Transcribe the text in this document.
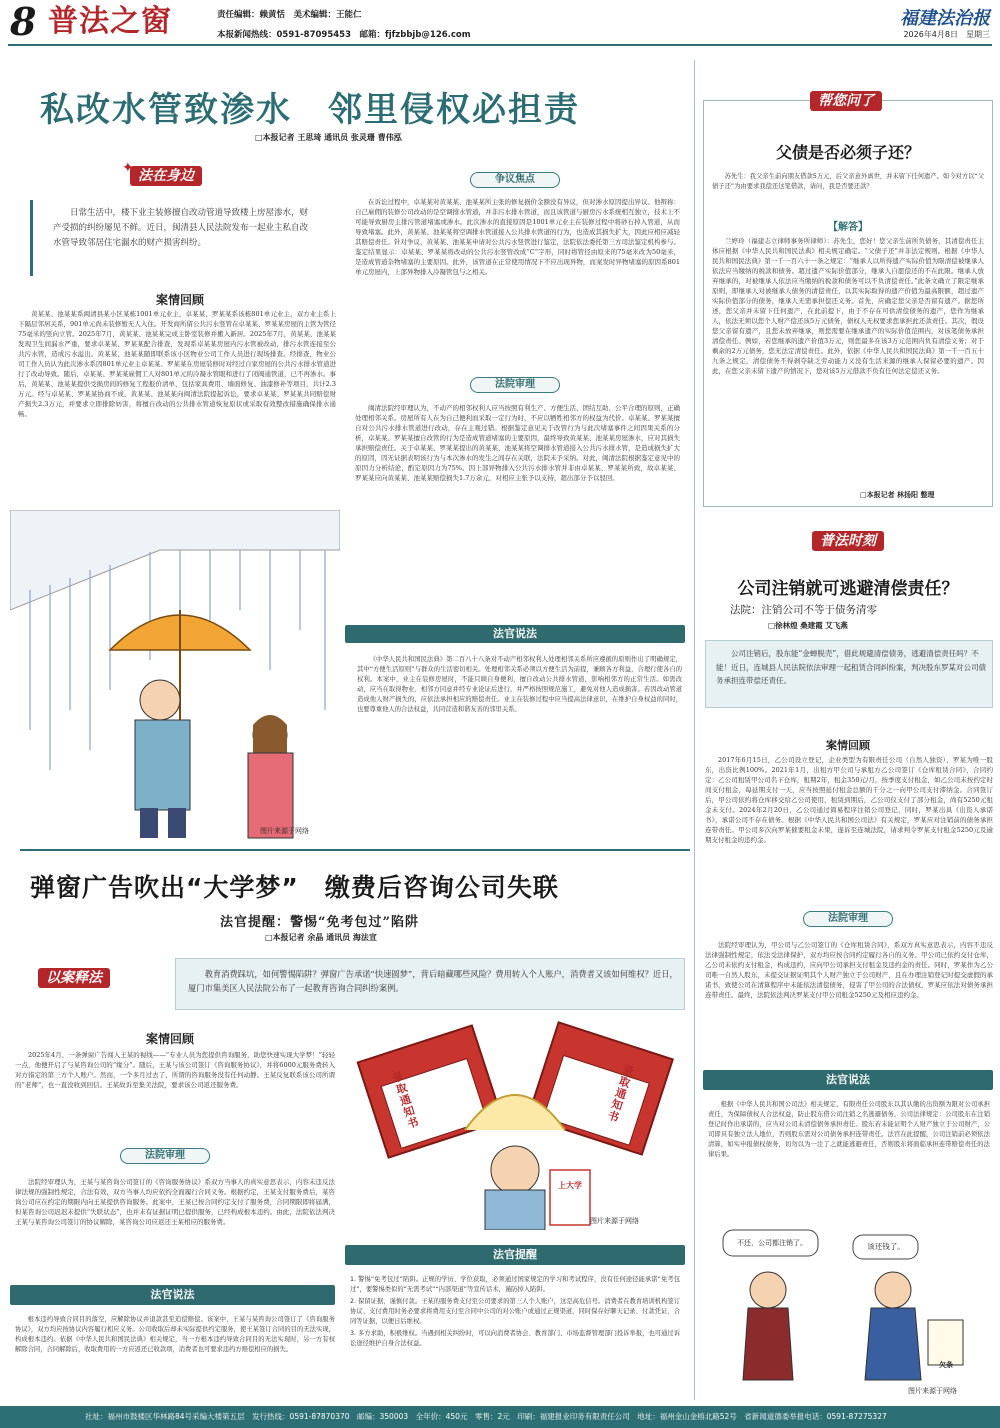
8 普法之窗	责任编辑：赖黄恬　美术编辑：王能仁
本报新闻热线：0591-87095453　邮箱：fjfzbbjb@126.com
福建法治报
2026年4月8日　星期三
私改水管致渗水　邻里侵权必担责
□本报记者 王思琦 通讯员 张灵珊 曹伟泓
法在身边
✦
日常生活中，楼下业主装修擅自改动管道导致楼上房屋渗水，财产受损的纠纷屡见不鲜。近日，闽清县人民法院发布一起业主私自改水管导致邻居住宅漏水的财产损害纠纷。
案情回顾
黄某某、池某某系闽清县某小区某栋1001单元业主，卓某某、罗某某系该栋801单元业主，双方业主系上下隔层邻居关系，901单元尚未装修暂无人入住。开发商所留公共污水竖管在卓某某、罗某某房屋的主管为管径75毫米的竖向立管。2025年7月，黄某某、池某某完成主卧室装修并搬入新居。2025年7月，黄某某、池某某发现卫生间漏水严重，要求卓某某、罗某某配合排查，发现系卓某某房屋内污水管被改动，排污水管连接至公共污水管，造成污水溢出。黄某某、池某某随即联系该小区物业公司工作人员进行现场排查。经排查，物业公司工作人员认为此次渗水系因801单元业主卓某某、罗某某在房屋装修时对经过自家房屋的公共污水排水管道进行了改动导致。随后，卓某某、罗某某雇佣工人对801单元的冷凝水管眼和进行了闭阀通管道，已不再渗水。事后，黄某某、池某某提供受损房间的修复工程报价清单，包括家具费用、墙面修复、油漆修补等项目，共计2.3万元。经与卓某某、罗某某协商不成，黄某某、池某某向闽清法院提起诉讼，要求卓某某、罗某某共同赔偿财产损失2.3万元，并要求立即排除妨害，将擅自改动的公共排水管道恢复原状或采取有效整改措施确保排水通畅。
图片来源于网络
争议焦点
在诉讼过程中，卓某某对黄某某、池某某所主张的修复损价金额没有异议，但对渗水原因提出异议。他辩称：自己雇佣的装修公司改动的是空调排水管道，并非污水排水管道，而且该管道与厨房污水系统相互独立，技术上不可能导致厨房主排污管道堵塞或渗水。此次渗水的直接原因是1001单元业主在装修过程中将砂石掉入管道，从而导致堵塞。此外，黄某某、池某某将空调排水管道接入公共排水管道的行为，也造成其损失扩大，因此应相应减轻其赔偿责任。针对争议，黄某某、池某某申请对公共污水竖管进行鉴定，法院依法委托第三方司法鉴定机构参与。鉴定结果显示：卓某某、罗某某将改动的公共污水竖管改成“C”字形，同时将管径由原来的75毫米改为50毫米，是造成管道杂物堵塞的主要原因。此外，该管道在正常使用情况下不应出现异物，而案发时异物堵塞的原因系801单元房屋内，上部异物排入冷凝管包与之相关。
法院审理
闽清法院经审理认为，不动产的相邻权利人应当按照有利生产、方便生活、团结互助、公平合理的原则，正确处理相邻关系。房屋所有人在为自己便利而采取一定行为时，不应以牺牲相邻方的权益为代价。卓某某、罗某某擅自对公共污水排水管道进行改动，存在主观过错。根据鉴定意见关于改管行为与此次堵塞事件之间因果关系的分析，卓某某、罗某某擅自改管的行为是造成管道堵塞的主要原因，最终导致黄某某、池某某房屋渗水，应对其损失承担赔偿责任。关于卓某某、罗某某提出的黄某某、池某某将空调排水管道接入公共污水排水管，是造成损失扩大的原因，因无证据表明该行为与本次渗水的发生之间存在关联，法院未予采纳。对此，闽清法院根据鉴定意见中的原因力分析结论，酌定原因力为75%。因上部异物排入公共污水排水管并非由卓某某、罗某某所致，故卓某某、罗某某应向黄某某、池某某赔偿损失1.7万余元，对相应主张予以支持，超出部分予以驳回。
法官说法
《中华人民共和国民法典》第二百八十八条对不动产相邻权利人处理相邻关系所应遵循的原则作出了明确规定，其中“方便生活原则”与群众的生活密切相关。处理相邻关系必须以方便生活为前提，兼顾各方利益，合理行使各自的权利。本案中，业主在装修房屋时，不能只顾自身便利，擅自改动公共排水管道，影响相邻方的正常生活。如需改动，应当在取得物业、相邻方同意并经专业论证后进行，并严格按照规范施工，避免对他人造成损害。若因改动管道造成他人财产损失的，应依法承担相应的赔偿责任。业主在装修过程中应当提高法律意识，在维护自身权益的同时，也要尊重他人的合法权益，共同营造和谐友善的邻里关系。
弹窗广告吹出“大学梦”　缴费后咨询公司失联
法官提醒：警惕“免考包过”陷阱
□本报记者 余晶 通讯员 海法宣
以案释法	教育消费踩坑，如何警惕陷阱？弹窗广告承诺“快速圆梦”，背后暗藏哪些风险？费用转入个人账户，消费者又该如何维权？近日，厦门市集美区人民法院公布了一起教育咨询合同纠纷案例。
案情回顾
2025年4月，一条弹窗广告闯入王某的视线——“专业人员为您提供咨询服务，助您快速实现大学梦！”轻轻一点，他便开启了与某咨询公司的“缘分”。随后，王某与该公司签订《咨询服务协议》，并将6000元服务费转入对方指定的第三方个人账户。然而，一个多月过去了，所谓的咨询服务没有任何动静。王某反复联系该公司所谓的“老师”，也一直没收到回信。王某故诉至集美法院，要求该公司返还服务费。
法院审理
法院经审理认为，王某与某咨询公司签订的《咨询服务协议》系双方当事人的真实意思表示，内容未违反法律法规的强制性规定，合法有效，双方当事人均应依约全面履行合同义务。根据约定，王某支付服务费后，某咨询公司应在约定的期限内向王某提供咨询服务。此案中，王某已按合同约定支付了服务费，合同期限即将届满，但某咨询公司迟迟未提供“失联状态”，也并未有证据证明已提供服务，已经构成根本违约。由此，法院依法判决王某与某咨询公司签订的协议解除，某咨询公司应返还王某相应的服务费。
法官说法
根本违约导致合同目的落空，应解除协议并退款甚至追偿赔偿。该案中，王某与某咨询公司签订了《咨询服务协议》，双方均应按协议内容履行相应义务。公司收取后却未实际提供约定服务，使王某签订合同的目的无法实现，构成根本违约。依据《中华人民共和国民法典》相关规定，当一方根本违约导致合同目的无法实现时，另一方有权解除合同，合同解除后，收取费用的一方应返还已收款项，消费者也可要求违约方赔偿相应的损失。
录取通知书
录取通知书
上大学
图片来源于网络
法官提醒
1. 警惕“免考包过”陷阱。正规的学历、学位获取，必须通过国家规定的学习和考试程序，没有任何途径能承诺“免考包过”，要警惕类似的“无需考试”“内部渠道”等宣传话术，谨防掉入陷阱。
2. 保留证据，谨慎付款。王某的服务费支付至公司要求的第三人个人账户，这是高危信号。消费者在教育培训机构签订协议、支付费用时务必要求将费用支付至合同中公司的对公账户或通过正规渠道，同时保存好聊天记录、付款凭证、合同等证据，以便日后维权。
3. 多方求助，积极维权。当遇到相关纠纷时，可以向消费者协会、教育部门、市场监督管理部门投诉举报，也可通过诉讼途径维护自身合法权益。
帮您问了
父债是否必须子还？
苏先生：我父亲生前向朋友借款5万元，后父亲意外离世，并未留下任何遗产。如今对方以“父债子还”为由要求我偿还这笔借款，请问，我是否要还款？
【解答】
兰婷玲（福建志立律师事务所律师）：苏先生，您好！您父亲生前所负债务，其清偿责任主体应根据《中华人民共和国民法典》相关规定确定。“父债子还”并非法定规则。根据《中华人民共和国民法典》第一千一百六十一条之规定：“继承人以所得遗产实际价值为限清偿被继承人依法应当缴纳的税款和债务。超过遗产实际价值部分，继承人自愿偿还的不在此限。继承人放弃继承的，对被继承人依法应当缴纳的税款和债务可以不负清偿责任。”此条文确立了限定继承原则，即继承人对被继承人债务的清偿责任，以其实际取得的遗产价值为最高限额，超过遗产实际价值部分的债务，继承人无需承担偿还义务。首先，应确定您父亲是否留有遗产。据您所述，您父亲并未留下任何遗产，在此前提下，由于不存在可供清偿债务的遗产，您作为继承人，依法无须以您个人财产偿还该5万元债务，债权人无权要求您承担此还款责任。其次，假设您父亲留有遗产，且您未放弃继承，则您需要在继承遗产的实际价值范围内，对该笔债务承担清偿责任。例如，若您继承的遗产价值3万元，则您最多在该3万元范围内负有清偿义务；对于剩余的2万元债务，您无法定清偿责任。此外，依据《中华人民共和国民法典》第一千一百五十九条之规定，清偿债务不得剥夺缺乏劳动能力又没有生活来源的继承人保留必要的遗产。因此，在您父亲未留下遗产的情况下，您对该5万元借款不负有任何法定偿还义务。
□本报记者 林扬阳 整理
普法时刻
公司注销就可逃避清偿责任？
法院：注销公司不等于债务清零
□徐林煌 桑建霞 艾飞燕
公司注销后，股东能“金蝉脱壳”，借此规避清偿债务，逃避清偿责任吗？不能！近日，连城县人民法院依法审理一起租赁合同纠纷案，判决股东罗某对公司债务承担连带偿还责任。
案情回顾
2017年6月15日，乙公司设立登记，企业类型为有限责任公司（自然人独资），罗某为唯一股东，出资比例100%。2021年1月，出租方甲公司与承租方乙公司签订《仓库租赁合同》，合同约定：乙公司租赁甲公司名下仓库，租期2年，租金350元/月，按季度支付租金，如乙公司未按约定时间支付租金，每延期支付一天，应当按照延付租金总额的千分之一向甲公司支付滞纳金。合同签订后，甲公司依约将仓库移交给乙公司使用，租赁到期后，乙公司仅支付了部分租金，尚有5250元租金未支付。2024年2月20日，乙公司通过简易程序注销公司登记，同时，罗某出具《出资人承诺书》，承诺公司不存在债务。根据《中华人民共和国公司法》有关规定，罗某应对注销前的债务承担连带责任。甲公司多次向罗某催要租金未果，遂诉至连城法院，请求判令罗某支付租金5250元及逾期支付租金的违约金。
法院审理
法院经审理认为，甲公司与乙公司签订的《仓库租赁合同》，系双方真实意思表示，内容不违反法律强制性规定，依法受法律保护，双方均应按合同约定履行各自的义务。甲公司已依约交付仓库，乙公司未依约支付租金，构成违约，应向甲公司承担支付租金及违约金的责任。同时，罗某作为乙公司唯一自然人股东，未提交证据证明其个人财产独立于公司财产，且在办理注销登记时提交虚假的承诺书，致使公司在清算程序中未能依法清偿债务，侵害了甲公司的合法债权，罗某应依法对债务承担连带责任。最终，法院依法判决罗某支付甲公司租金5250元及相应违约金。
法官说法
根据《中华人民共和国公司法》相关规定，有限责任公司股东以其认缴的出资额为限对公司承担责任，为保障债权人合法权益，防止股东借公司注销之名逃避债务，公司法律规定：公司股东在注销登记时作出承诺的，应当对公司未清偿债务承担责任。股东若未能证明个人财产独立于公司财产，公司即具有独立法人地位，否则股东需对公司债务承担连带责任。法官在此提醒，公司注销前必须依法清算，如实申报债权债务，切勿以为一注了之就能逃避责任，否则股东将面临承担连带赔偿责任的法律后果。
不还，公司都注销了。	该还钱了。
欠条
图片来源于网络
社址：福州市鼓楼区华林路84号采编大楼第五层　发行热线：0591-87870370　邮编：350003　全年价：450元　零售：2元　印刷：福建报业印务有限责任公司　地址：福州金山金榕北路52号　省新闻道德委举报电话：0591-87275327
